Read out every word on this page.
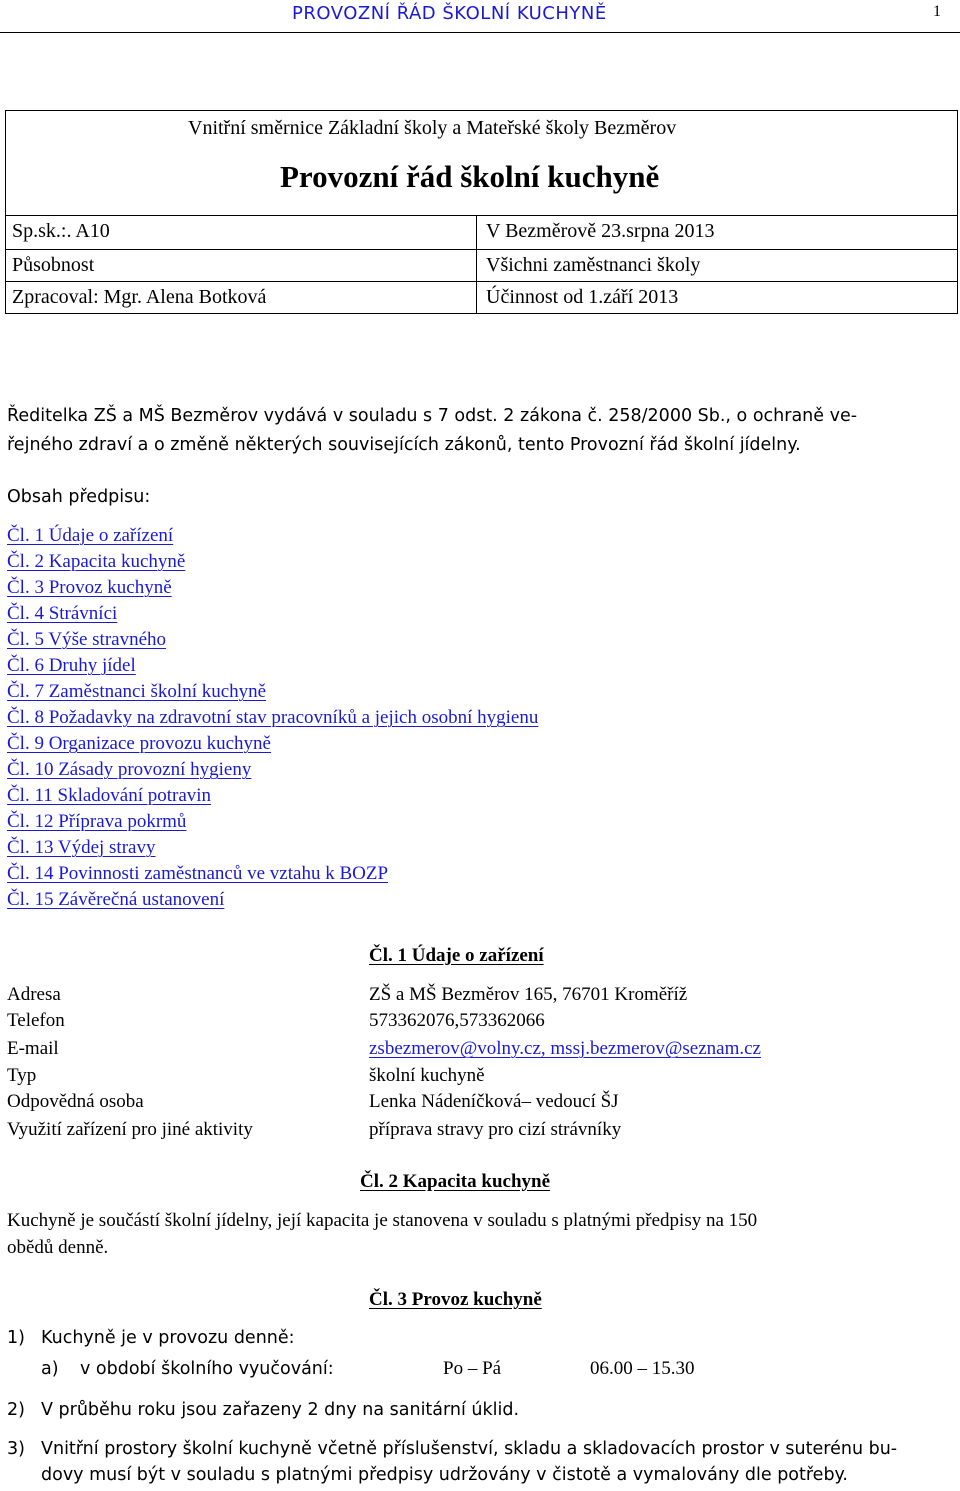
PROVOZNÍ ŘÁD ŠKOLNÍ KUCHYNĚ	1
Vnitřní směrnice Základní školy a Mateřské školy Bezměrov
Provozní řád školní kuchyně
Sp.sk.:. A10	V Bezměrově 23.srpna 2013
Působnost	Všichni zaměstnanci školy
Zpracoval: Mgr. Alena Botková	Účinnost od 1.září 2013
Ředitelka ZŠ a MŠ Bezměrov vydává v souladu s 7 odst. 2 zákona č. 258/2000 Sb., o ochraně ve-
řejného zdraví a o změně některých souvisejících zákonů, tento Provozní řád školní jídelny.
Obsah předpisu:
Čl. 1 Údaje o zařízení
Čl. 2 Kapacita kuchyně
Čl. 3 Provoz kuchyně
Čl. 4 Strávníci
Čl. 5 Výše stravného
Čl. 6 Druhy jídel
Čl. 7 Zaměstnanci školní kuchyně
Čl. 8 Požadavky na zdravotní stav pracovníků a jejich osobní hygienu
Čl. 9 Organizace provozu kuchyně
Čl. 10 Zásady provozní hygieny
Čl. 11 Skladování potravin
Čl. 12 Příprava pokrmů
Čl. 13 Výdej stravy
Čl. 14 Povinnosti zaměstnanců ve vztahu k BOZP
Čl. 15 Závěrečná ustanovení
Čl. 1 Údaje o zařízení
Adresa	ZŠ a MŠ Bezměrov 165, 76701 Kroměříž
Telefon	573362076,573362066
E-mail	zsbezmerov@volny.cz, mssj.bezmerov@seznam.cz
Typ	školní kuchyně
Odpovědná osoba	Lenka Nádeníčková– vedoucí ŠJ
Využití zařízení pro jiné aktivity	příprava stravy pro cizí strávníky
Čl. 2 Kapacita kuchyně
Kuchyně je součástí školní jídelny, její kapacita je stanovena v souladu s platnými předpisy na 150
obědů denně.
Čl. 3 Provoz kuchyně
1) Kuchyně je v provozu denně:
a) v období školního vyučování:	Po – Pá	06.00 – 15.30
2) V průběhu roku jsou zařazeny 2 dny na sanitární úklid.
3) Vnitřní prostory školní kuchyně včetně příslušenství, skladu a skladovacích prostor v suterénu bu-
dovy musí být v souladu s platnými předpisy udržovány v čistotě a vymalovány dle potřeby.
